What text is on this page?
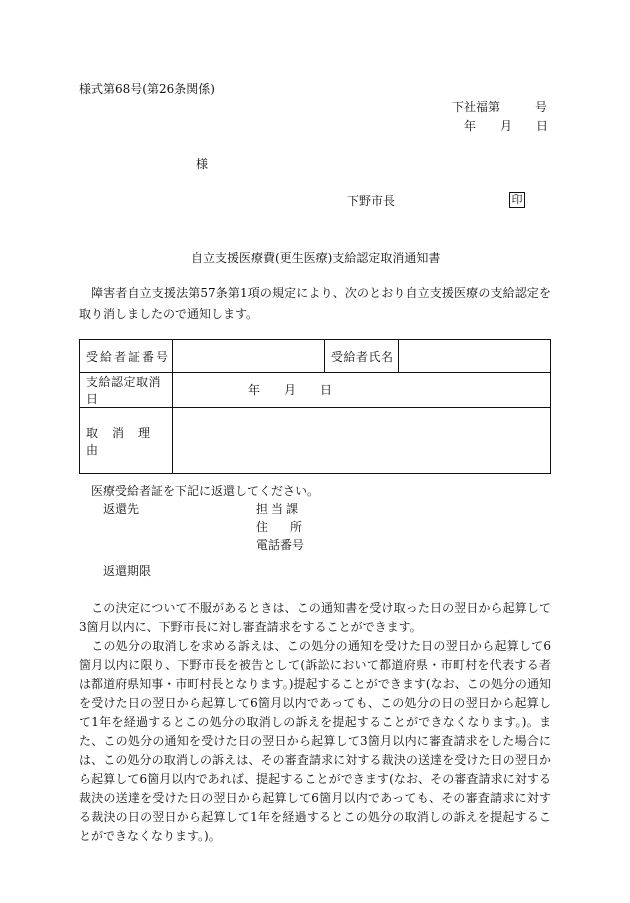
様式第68号(第26条関係)
下社福第	号
年 月 日
様
下野市長	印
自立支援医療費(更生医療)支給認定取消通知書
障害者自立支援法第57条第1項の規定により、次のとおり自立支援医療の支給認定を取り消しましたので通知します。
受給者証番号		受給者氏名	
支給認定取消日	年 月 日		

取消理由			
医療受給者証を下記に返還してください。
返還先	担当課
住所
電話番号
返還期限
この決定について不服があるときは、この通知書を受け取った日の翌日から起算して3箇月以内に、下野市長に対し審査請求をすることができます。
この処分の取消しを求める訴えは、この処分の通知を受けた日の翌日から起算して6箇月以内に限り、下野市長を被告として(訴訟において都道府県・市町村を代表する者は都道府県知事・市町村長となります。)提起することができます(なお、この処分の通知を受けた日の翌日から起算して6箇月以内であっても、この処分の日の翌日から起算して1年を経過するとこの処分の取消しの訴えを提起することができなくなります。)。また、この処分の通知を受けた日の翌日から起算して3箇月以内に審査請求をした場合には、この処分の取消しの訴えは、その審査請求に対する裁決の送達を受けた日の翌日から起算して6箇月以内であれば、提起することができます(なお、その審査請求に対する裁決の送達を受けた日の翌日から起算して6箇月以内であっても、その審査請求に対する裁決の日の翌日から起算して1年を経過するとこの処分の取消しの訴えを提起することができなくなります。)。
